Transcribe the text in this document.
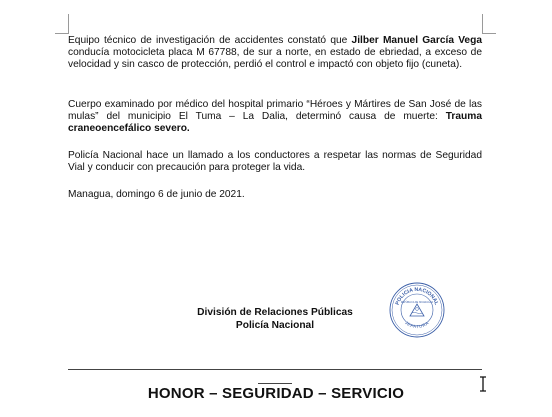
Equipo técnico de investigación de accidentes constató que Jilber Manuel García Vega conducía motocicleta placa M 67788, de sur a norte, en estado de ebriedad, a exceso de velocidad y sin casco de protección, perdió el control e impactó con objeto fijo (cuneta).

Cuerpo examinado por médico del hospital primario “Héroes y Mártires de San José de las mulas” del municipio El Tuma – La Dalia, determinó causa de muerte: Trauma craneoencefálico severo.

Policía Nacional hace un llamado a los conductores a respetar las normas de Seguridad Vial y conducir con precaución para proteger la vida.

Managua, domingo 6 de junio de 2021.

División de Relaciones Públicas
Policía Nacional
POLICIA NACIONAL
JEFATURA
REPÚBLICA DE NICARAGUA
HONOR – SEGURIDAD – SERVICIO
